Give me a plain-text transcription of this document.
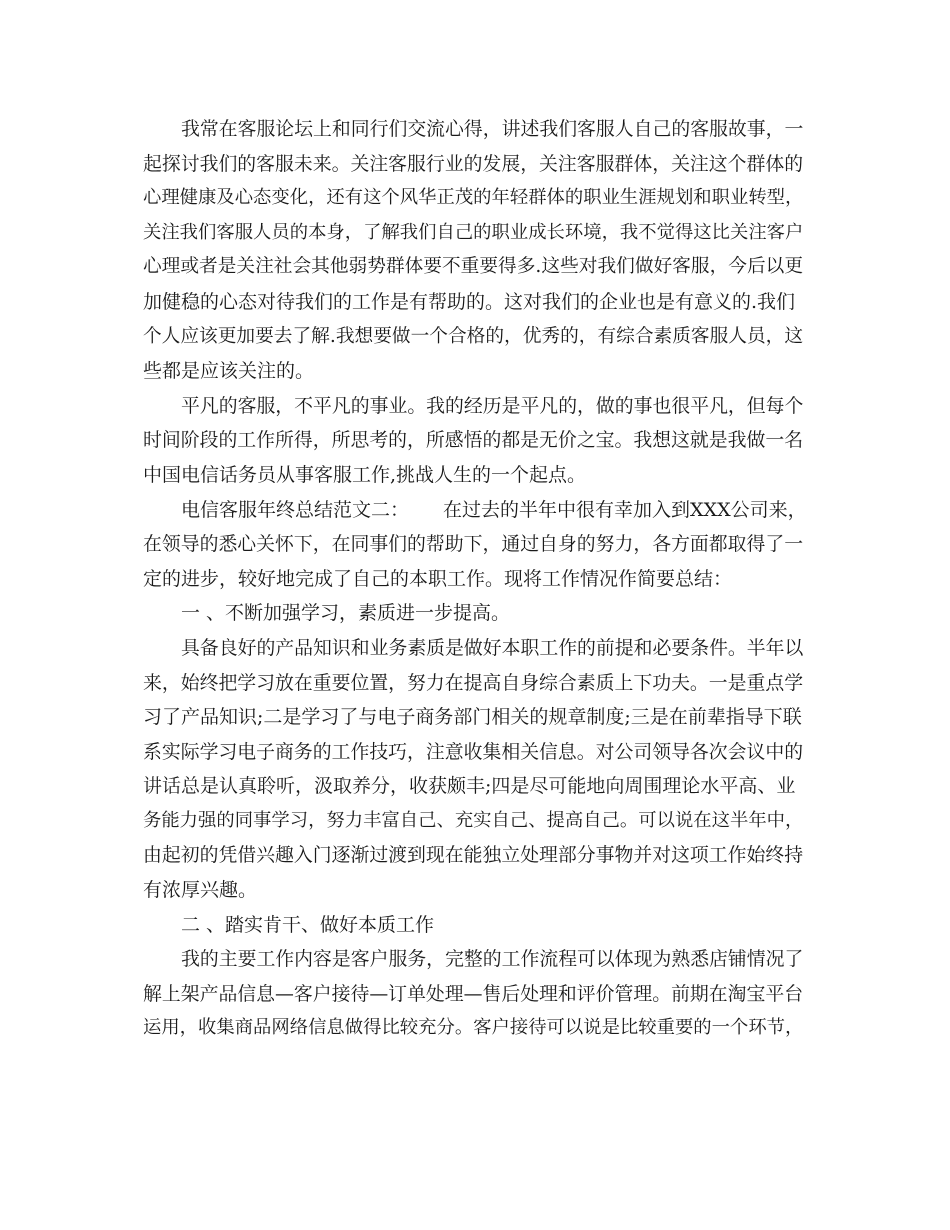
我常在客服论坛上和同行们交流心得，讲述我们客服人自己的客服故事，一
起探讨我们的客服未来。关注客服行业的发展，关注客服群体，关注这个群体的
心理健康及心态变化，还有这个风华正茂的年轻群体的职业生涯规划和职业转型，
关注我们客服人员的本身，了解我们自己的职业成长环境，我不觉得这比关注客户
心理或者是关注社会其他弱势群体要不重要得多.这些对我们做好客服，今后以更
加健稳的心态对待我们的工作是有帮助的。这对我们的企业也是有意义的.我们
个人应该更加要去了解.我想要做一个合格的，优秀的，有综合素质客服人员，这
些都是应该关注的。
平凡的客服，不平凡的事业。我的经历是平凡的，做的事也很平凡，但每个
时间阶段的工作所得，所思考的，所感悟的都是无价之宝。我想这就是我做一名
中国电信话务员从事客服工作,挑战人生的一个起点。
电信客服年终总结范文二： 在过去的半年中很有幸加入到XXX公司来，
在领导的悉心关怀下，在同事们的帮助下，通过自身的努力，各方面都取得了一
定的进步，较好地完成了自己的本职工作。现将工作情况作简要总结：
一 、不断加强学习，素质进一步提高。
具备良好的产品知识和业务素质是做好本职工作的前提和必要条件。半年以
来，始终把学习放在重要位置，努力在提高自身综合素质上下功夫。一是重点学
习了产品知识;二是学习了与电子商务部门相关的规章制度;三是在前辈指导下联
系实际学习电子商务的工作技巧，注意收集相关信息。对公司领导各次会议中的
讲话总是认真聆听，汲取养分，收获颇丰;四是尽可能地向周围理论水平高、业
务能力强的同事学习，努力丰富自己、充实自己、提高自己。可以说在这半年中，
由起初的凭借兴趣入门逐渐过渡到现在能独立处理部分事物并对这项工作始终持
有浓厚兴趣。
二 、踏实肯干、做好本质工作
我的主要工作内容是客户服务，完整的工作流程可以体现为熟悉店铺情况了
解上架产品信息—客户接待—订单处理—售后处理和评价管理。前期在淘宝平台
运用，收集商品网络信息做得比较充分。客户接待可以说是比较重要的一个环节，
